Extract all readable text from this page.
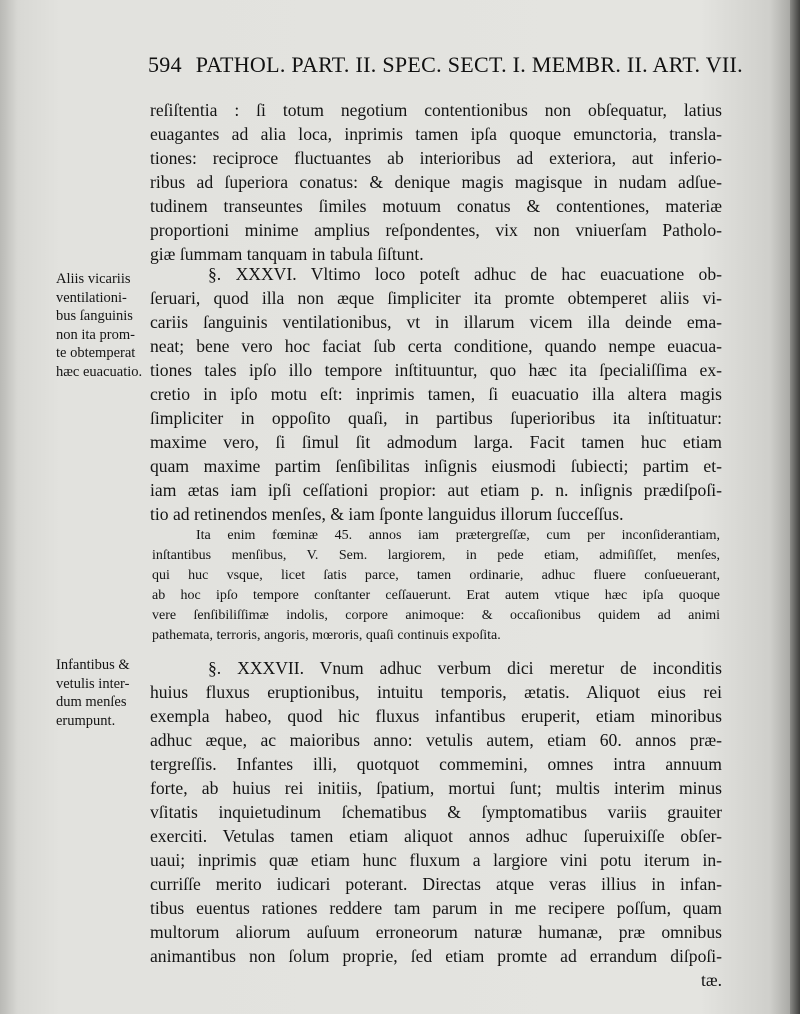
594 PATHOL. PART. II. SPEC. SECT. I. MEMBR. II. ART. VII.
Aliis vicariis
ventilationi-
bus ſanguinis
non ita prom-
te obtemperat
hæc euacuatio.
Infantibus &
vetulis inter-
dum menſes
erumpunt.
reſiſtentia : ſi totum negotium contentionibus non obſequatur, latius
euagantes ad alia loca, inprimis tamen ipſa quoque emunctoria, transla-
tiones: reciproce fluctuantes ab interioribus ad exteriora, aut inferio-
ribus ad ſuperiora conatus: & denique magis magisque in nudam adſue-
tudinem transeuntes ſimiles motuum conatus & contentiones, materiæ
proportioni minime amplius reſpondentes, vix non vniuerſam Patholo-
giæ ſummam tanquam in tabula ſiſtunt.
§. XXXVI. Vltimo loco poteſt adhuc de hac euacuatione ob-
ſeruari, quod illa non æque ſimpliciter ita promte obtemperet aliis vi-
cariis ſanguinis ventilationibus, vt in illarum vicem illa deinde ema-
neat; bene vero hoc faciat ſub certa conditione, quando nempe euacua-
tiones tales ipſo illo tempore inſtituuntur, quo hæc ita ſpecialiſſima ex-
cretio in ipſo motu eſt: inprimis tamen, ſi euacuatio illa altera magis
ſimpliciter in oppoſito quaſi, in partibus ſuperioribus ita inſtituatur:
maxime vero, ſi ſimul ſit admodum larga. Facit tamen huc etiam
quam maxime partim ſenſibilitas inſignis eiusmodi ſubiecti; partim et-
iam ætas iam ipſi ceſſationi propior: aut etiam p. n. inſignis prædiſpoſi-
tio ad retinendos menſes, & iam ſponte languidus illorum ſucceſſus.
Ita enim fœminæ 45. annos iam prætergreſſæ, cum per inconſiderantiam,
inſtantibus menſibus, V. Sem. largiorem, in pede etiam, admiſiſſet, menſes,
qui huc vsque, licet ſatis parce, tamen ordinarie, adhuc fluere conſueuerant,
ab hoc ipſo tempore conſtanter ceſſauerunt. Erat autem vtique hæc ipſa quoque
vere ſenſibiliſſimæ indolis, corpore animoque: & occaſionibus quidem ad animi
pathemata, terroris, angoris, mœroris, quaſi continuis expoſita.
§. XXXVII. Vnum adhuc verbum dici meretur de inconditis
huius fluxus eruptionibus, intuitu temporis, ætatis. Aliquot eius rei
exempla habeo, quod hic fluxus infantibus eruperit, etiam minoribus
adhuc æque, ac maioribus anno: vetulis autem, etiam 60. annos præ-
tergreſſis. Infantes illi, quotquot commemini, omnes intra annuum
forte, ab huius rei initiis, ſpatium, mortui ſunt; multis interim minus
vſitatis inquietudinum ſchematibus & ſymptomatibus variis grauiter
exerciti. Vetulas tamen etiam aliquot annos adhuc ſuperuixiſſe obſer-
uaui; inprimis quæ etiam hunc fluxum a largiore vini potu iterum in-
curriſſe merito iudicari poterant. Directas atque veras illius in infan-
tibus euentus rationes reddere tam parum in me recipere poſſum, quam
multorum aliorum auſuum erroneorum naturæ humanæ, præ omnibus
animantibus non ſolum proprie, ſed etiam promte ad errandum diſpoſi-
tæ.
